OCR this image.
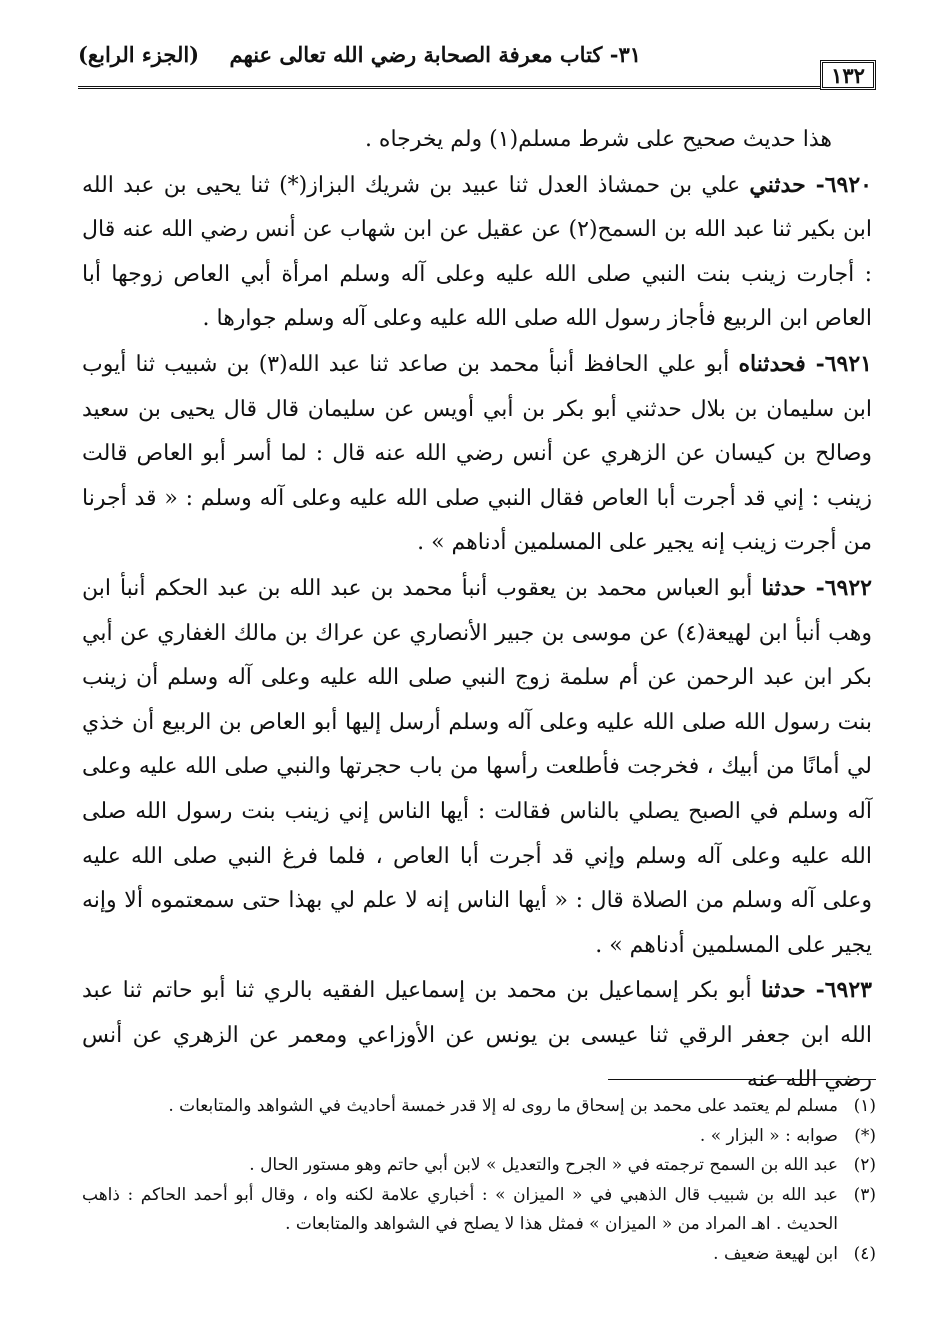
١٣٢
٣١- كتاب معرفة الصحابة رضي الله تعالى عنهم
(الجزء الرابع)

هذا حديث صحيح على شرط مسلم(١) ولم يخرجاه .

٦٩٢٠- حدثني علي بن حمشاذ العدل ثنا عبيد بن شريك البزاز(*) ثنا يحيى بن عبد الله ابن بكير ثنا عبد الله بن السمح(٢) عن عقيل عن ابن شهاب عن أنس رضي الله عنه قال : أجارت زينب بنت النبي صلى الله عليه وعلى آله وسلم امرأة أبي العاص زوجها أبا العاص ابن الربيع فأجاز رسول الله صلى الله عليه وعلى آله وسلم جوارها .

٦٩٢١- فحدثناه أبو علي الحافظ أنبأ محمد بن صاعد ثنا عبد الله(٣) بن شبيب ثنا أيوب ابن سليمان بن بلال حدثني أبو بكر بن أبي أويس عن سليمان قال قال يحيى بن سعيد وصالح بن كيسان عن الزهري عن أنس رضي الله عنه قال : لما أسر أبو العاص قالت زينب : إني قد أجرت أبا العاص فقال النبي صلى الله عليه وعلى آله وسلم : « قد أجرنا من أجرت زينب إنه يجير على المسلمين أدناهم » .

٦٩٢٢- حدثنا أبو العباس محمد بن يعقوب أنبأ محمد بن عبد الله بن عبد الحكم أنبأ ابن وهب أنبأ ابن لهيعة(٤) عن موسى بن جبير الأنصاري عن عراك بن مالك الغفاري عن أبي بكر ابن عبد الرحمن عن أم سلمة زوج النبي صلى الله عليه وعلى آله وسلم أن زينب بنت رسول الله صلى الله عليه وعلى آله وسلم أرسل إليها أبو العاص بن الربيع أن خذي لي أمانًا من أبيك ، فخرجت فأطلعت رأسها من باب حجرتها والنبي صلى الله عليه وعلى آله وسلم في الصبح يصلي بالناس فقالت : أيها الناس إني زينب بنت رسول الله صلى الله عليه وعلى آله وسلم وإني قد أجرت أبا العاص ، فلما فرغ النبي صلى الله عليه وعلى آله وسلم من الصلاة قال : « أيها الناس إنه لا علم لي بهذا حتى سمعتموه ألا وإنه يجير على المسلمين أدناهم » .

٦٩٢٣- حدثنا أبو بكر إسماعيل بن محمد بن إسماعيل الفقيه بالري ثنا أبو حاتم ثنا عبد الله ابن جعفر الرقي ثنا عيسى بن يونس عن الأوزاعي ومعمر عن الزهري عن أنس رضي الله عنه

(١)
مسلم لم يعتمد على محمد بن إسحاق ما روى له إلا قدر خمسة أحاديث في الشواهد والمتابعات .
(*)
صوابه : « البزار » .
(٢)
عبد الله بن السمح ترجمته في « الجرح والتعديل » لابن أبي حاتم وهو مستور الحال .
(٣)
عبد الله بن شبيب قال الذهبي في « الميزان » : أخباري علامة لكنه واه ، وقال أبو أحمد الحاكم : ذاهب الحديث . اهـ المراد من « الميزان » فمثل هذا لا يصلح في الشواهد والمتابعات .
(٤)
ابن لهيعة ضعيف .
